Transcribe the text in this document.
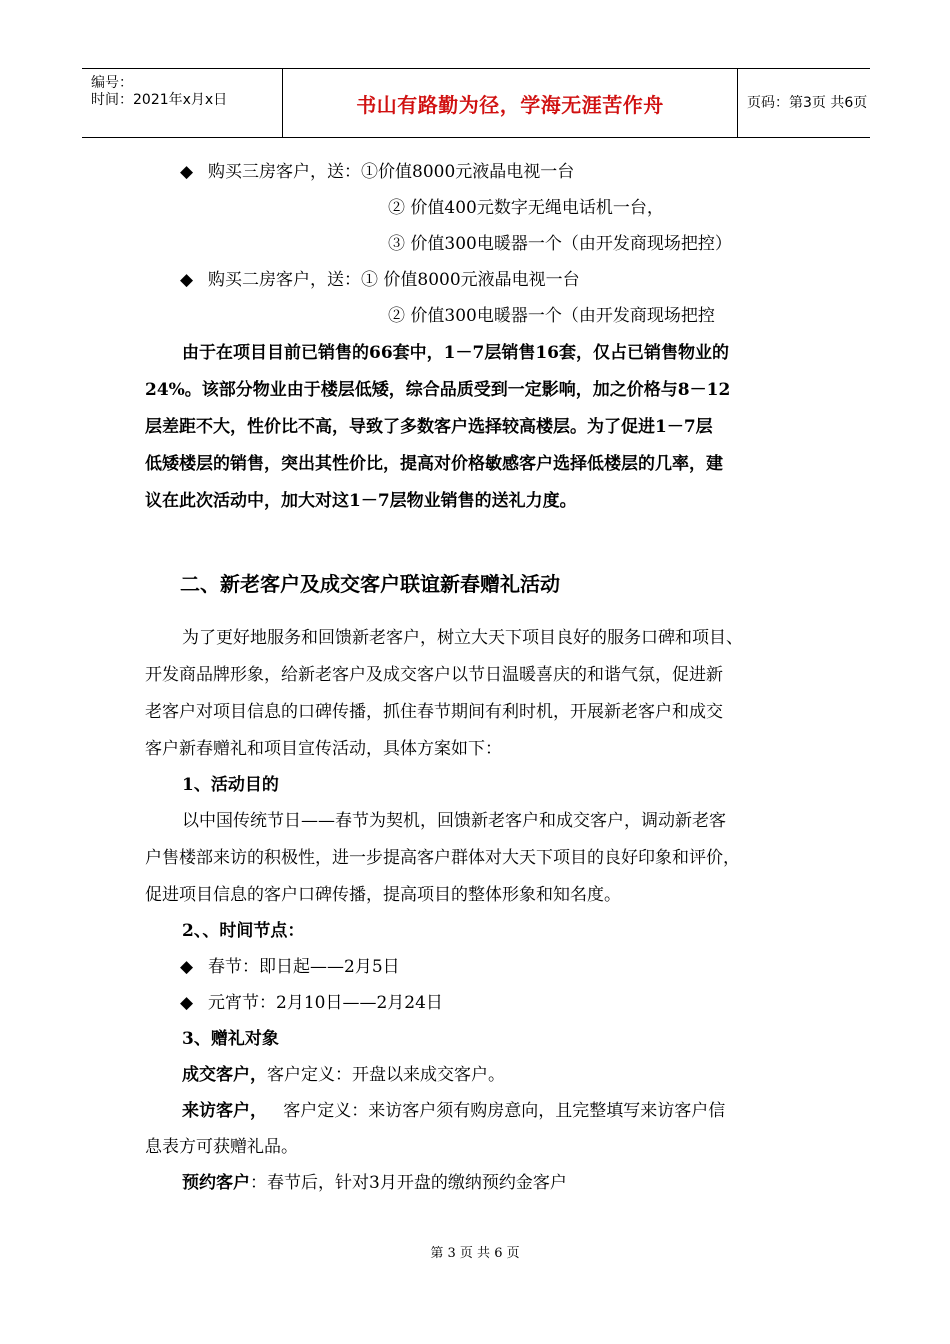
编号：
时间：2021年x月x日	书山有路勤为径，学海无涯苦作舟	页码：第3页 共6页
◆ 购买三房客户，送：①价值8000元液晶电视一台
② 价值400元数字无绳电话机一台，
③ 价值300电暖器一个（由开发商现场把控）
◆ 购买二房客户，送：① 价值8000元液晶电视一台
② 价值300电暖器一个（由开发商现场把控
由于在项目目前已销售的66套中，1－7层销售16套，仅占已销售物业的
24%。该部分物业由于楼层低矮，综合品质受到一定影响，加之价格与8－12
层差距不大，性价比不高，导致了多数客户选择较高楼层。为了促进1－7层
低矮楼层的销售，突出其性价比，提高对价格敏感客户选择低楼层的几率，建
议在此次活动中，加大对这1－7层物业销售的送礼力度。
二、新老客户及成交客户联谊新春赠礼活动
为了更好地服务和回馈新老客户，树立大天下项目良好的服务口碑和项目、
开发商品牌形象，给新老客户及成交客户以节日温暖喜庆的和谐气氛，促进新
老客户对项目信息的口碑传播，抓住春节期间有利时机，开展新老客户和成交
客户新春赠礼和项目宣传活动，具体方案如下：
1、活动目的
以中国传统节日——春节为契机，回馈新老客户和成交客户，调动新老客
户售楼部来访的积极性，进一步提高客户群体对大天下项目的良好印象和评价，
促进项目信息的客户口碑传播，提高项目的整体形象和知名度。
2、、时间节点：
◆ 春节：即日起——2月5日
◆ 元宵节：2月10日——2月24日
3、赠礼对象
成交客户，客户定义：开盘以来成交客户。
来访客户，   客户定义：来访客户须有购房意向，且完整填写来访客户信
息表方可获赠礼品。
预约客户：春节后，针对3月开盘的缴纳预约金客户
第 3 页 共 6 页
